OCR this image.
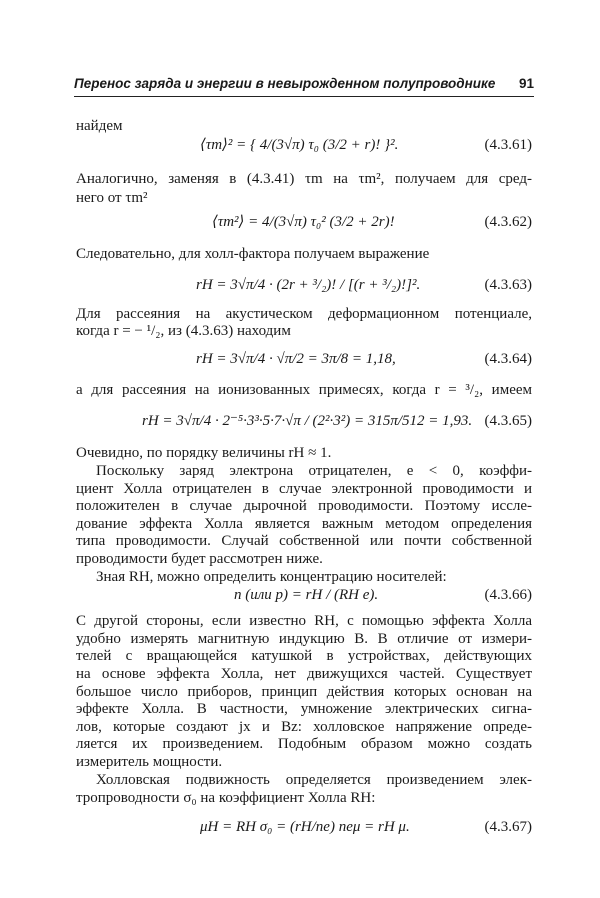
Перенос заряда и энергии в невырожденном полупроводнике 91
найдем
⟨τm⟩² = { 4/(3√π) τ₀ (3/2 + r)! }².	(4.3.61)
Аналогично, заменяя в (4.3.41) τm на τm², получаем для сред-
него от τm²
⟨τm²⟩ = 4/(3√π) τ₀² (3/2 + 2r)!	(4.3.62)
Следовательно, для холл-фактора получаем выражение
rH = 3√π/4 · (2r + ³/₂)! / [(r + ³/₂)!]².	(4.3.63)
Для рассеяния на акустическом деформационном потенциале,
когда r = − ¹/₂, из (4.3.63) находим
rH = 3√π/4 · √π/2 = 3π/8 = 1,18,	(4.3.64)
а для рассеяния на ионизованных примесях, когда r = ³/₂, имеем
rH = 3√π/4 · 2⁻⁵·3³·5·7·√π / (2²·3²) = 315π/512 = 1,93. (4.3.65)
Очевидно, по порядку величины rH ≈ 1.
Поскольку заряд электрона отрицателен, e < 0, коэффи-
циент Холла отрицателен в случае электронной проводимости и
положителен в случае дырочной проводимости. Поэтому иссле-
дование эффекта Холла является важным методом определения
типа проводимости. Случай собственной или почти собственной
проводимости будет рассмотрен ниже.
Зная RH, можно определить концентрацию носителей:
n (или p) = rH / (RH e).	(4.3.66)
С другой стороны, если известно RH, с помощью эффекта Холла
удобно измерять магнитную индукцию B. В отличие от измери-
телей с вращающейся катушкой в устройствах, действующих
на основе эффекта Холла, нет движущихся частей. Существует
большое число приборов, принцип действия которых основан на
эффекте Холла. В частности, умножение электрических сигна-
лов, которые создают jx и Bz: холловское напряжение опреде-
ляется их произведением. Подобным образом можно создать
измеритель мощности.
Холловская подвижность определяется произведением элек-
тропроводности σ₀ на коэффициент Холла RH:
μH = RH σ₀ = (rH/ne) neμ = rH μ.	(4.3.67)
